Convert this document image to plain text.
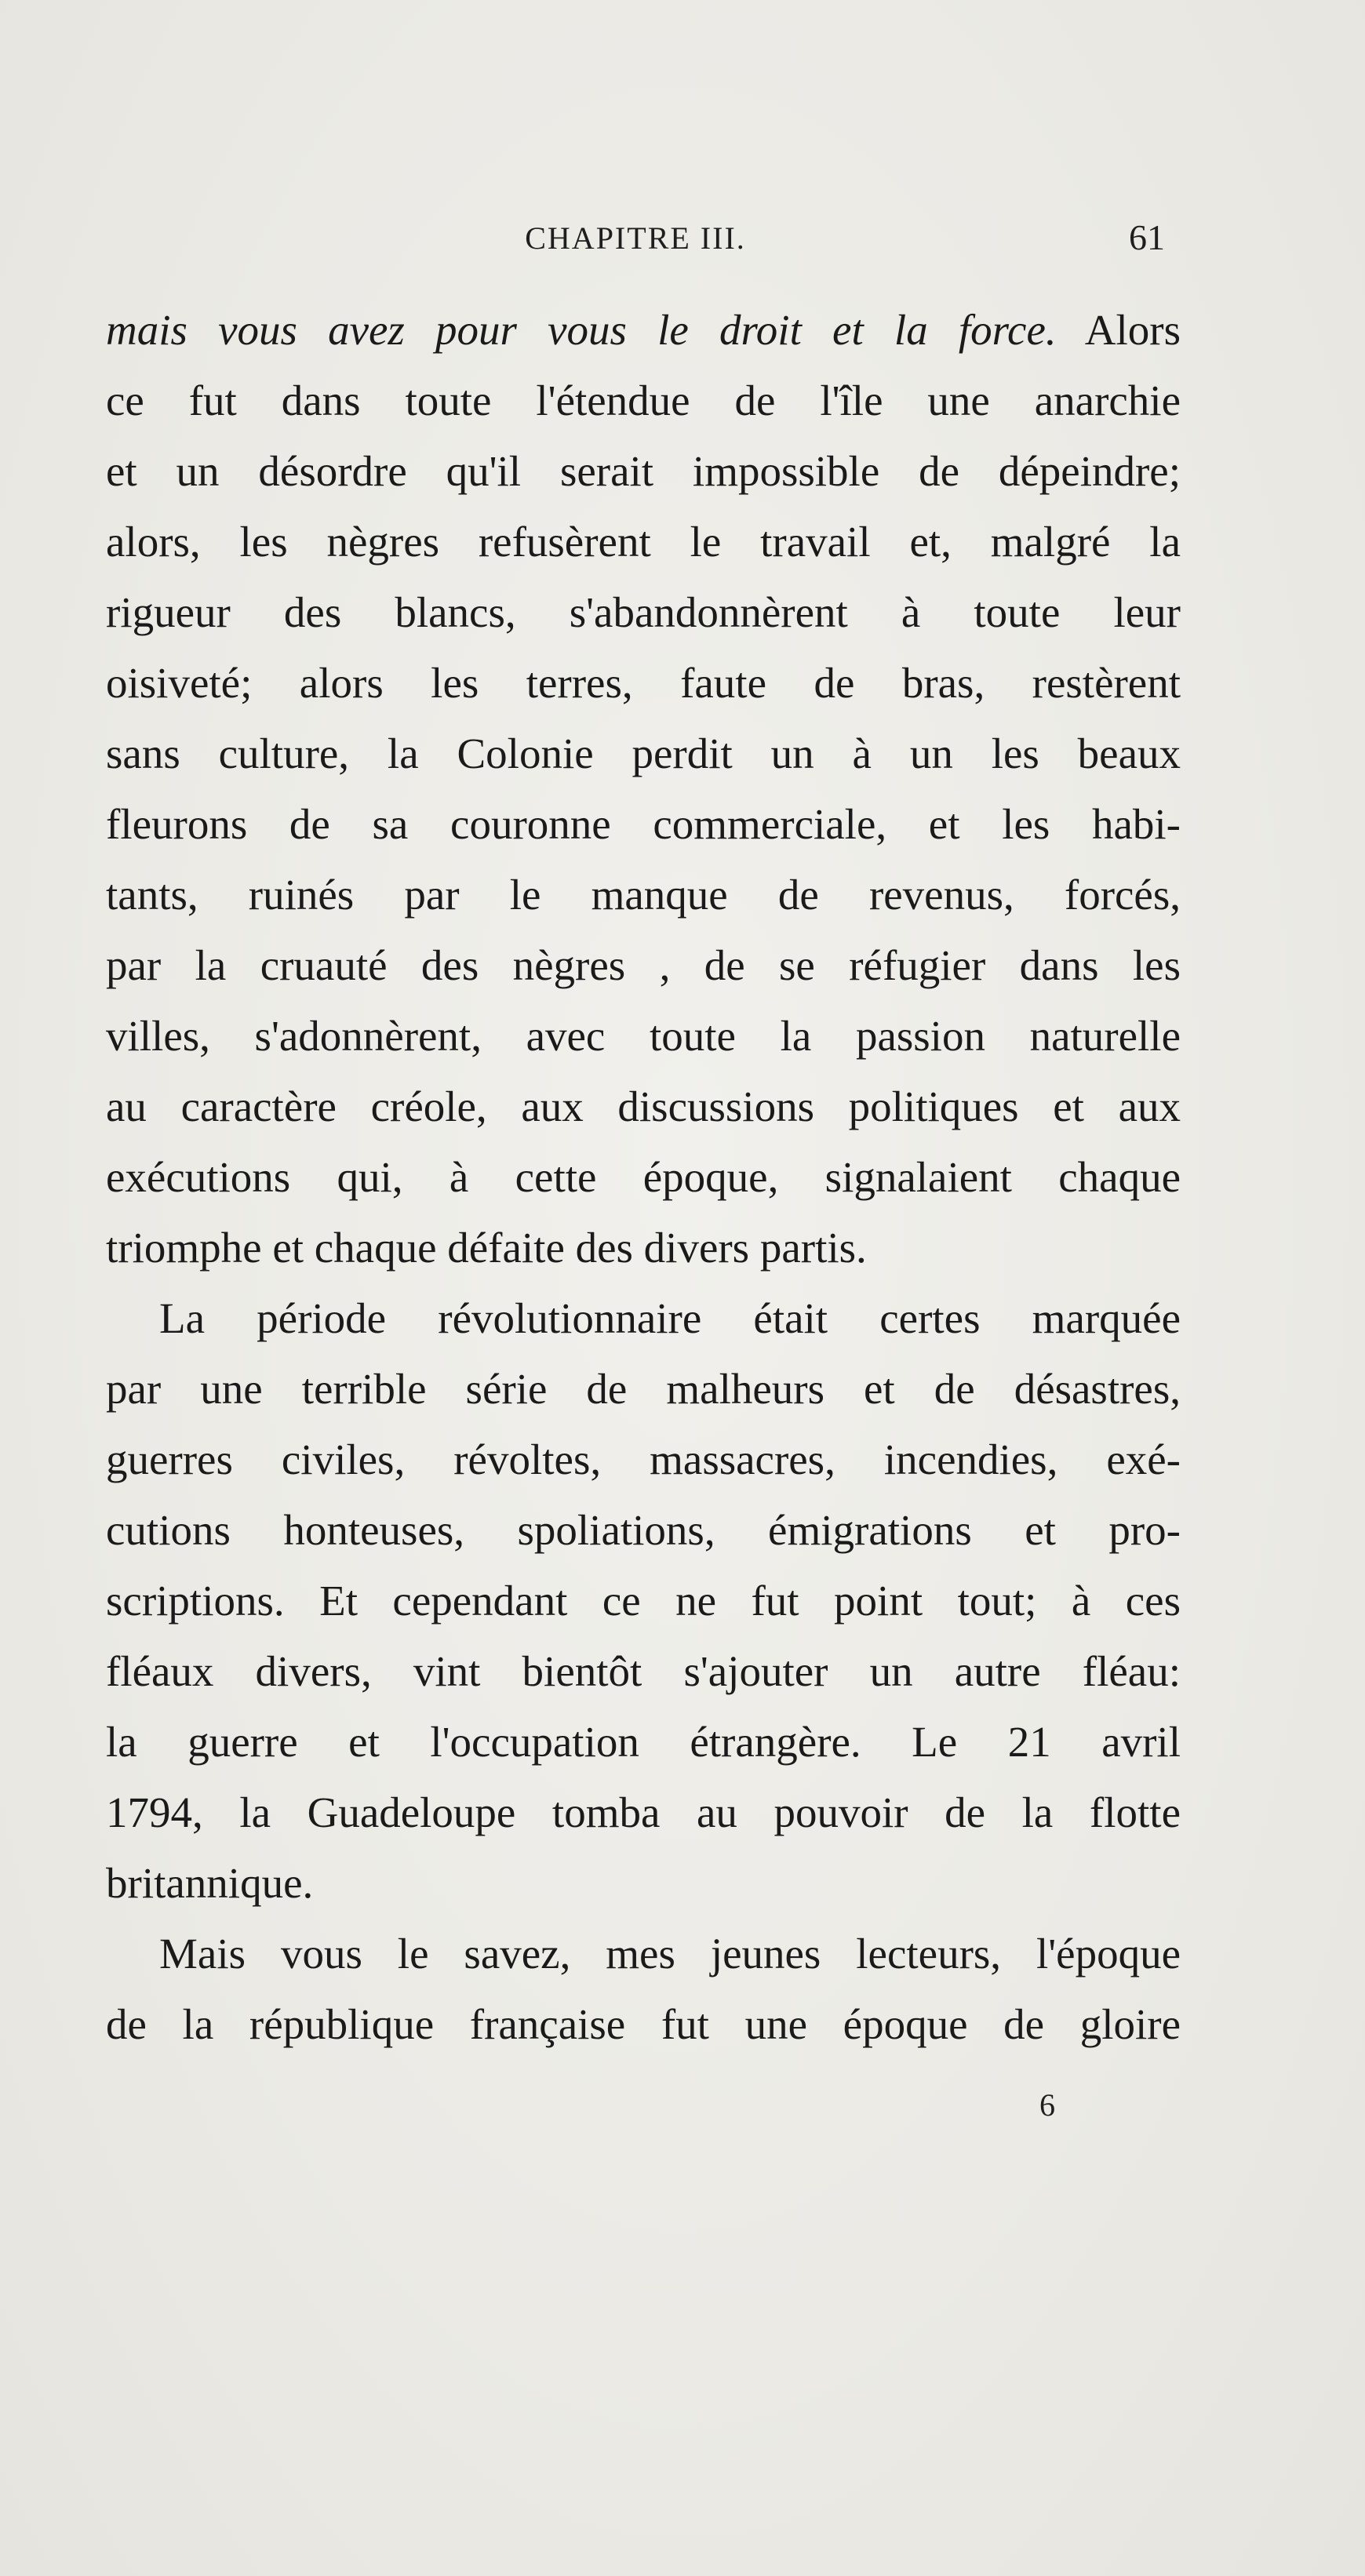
CHAPITRE III.	61
mais vous avez pour vous le droit et la force. Alors
ce fut dans toute l'étendue de l'île une anarchie
et un désordre qu'il serait impossible de dépeindre;
alors, les nègres refusèrent le travail et, malgré la
rigueur des blancs, s'abandonnèrent à toute leur
oisiveté; alors les terres, faute de bras, restèrent
sans culture, la Colonie perdit un à un les beaux
fleurons de sa couronne commerciale, et les habi-
tants, ruinés par le manque de revenus, forcés,
par la cruauté des nègres , de se réfugier dans les
villes, s'adonnèrent, avec toute la passion naturelle
au caractère créole, aux discussions politiques et aux
exécutions qui, à cette époque, signalaient chaque
triomphe et chaque défaite des divers partis.
La période révolutionnaire était certes marquée
par une terrible série de malheurs et de désastres,
guerres civiles, révoltes, massacres, incendies, exé-
cutions honteuses, spoliations, émigrations et pro-
scriptions. Et cependant ce ne fut point tout; à ces
fléaux divers, vint bientôt s'ajouter un autre fléau:
la guerre et l'occupation étrangère. Le 21 avril
1794, la Guadeloupe tomba au pouvoir de la flotte
britannique.
Mais vous le savez, mes jeunes lecteurs, l'époque
de la république française fut une époque de gloire
6
